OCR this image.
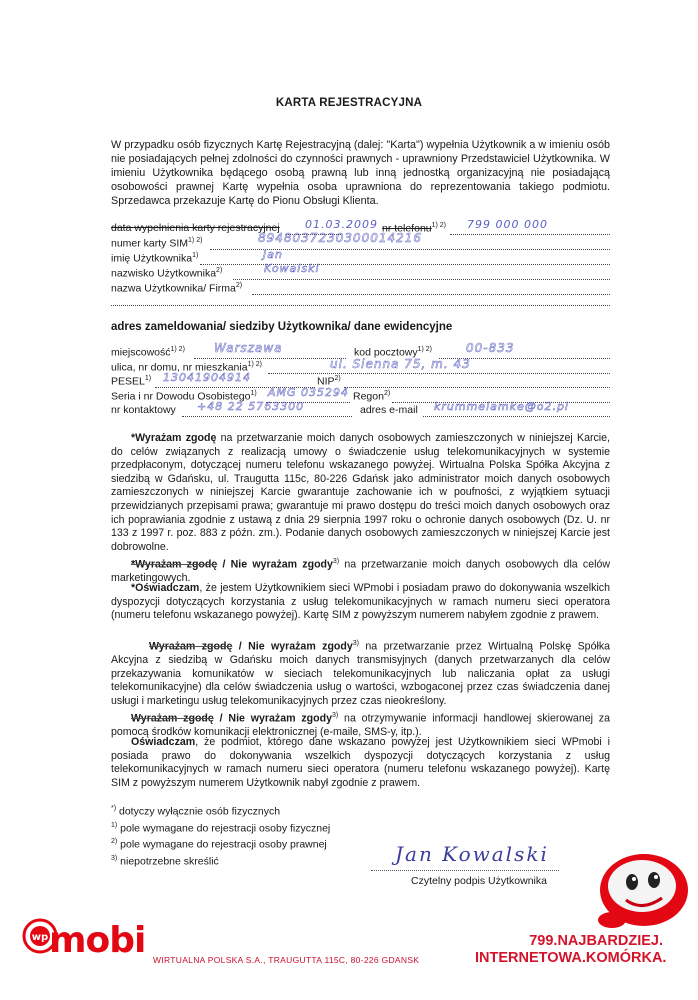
KARTA REJESTRACYJNA
W przypadku osób fizycznych Kartę Rejestracyjną (dalej: "Karta") wypełnia Użytkownik a w imieniu osób nie posiadających pełnej zdolności do czynności prawnych - uprawniony Przedstawiciel Użytkownika. W imieniu Użytkownika będącego osobą prawną lub inną jednostką organizacyjną nie posiadającą osobowości prawnej Kartę wypełnia osoba uprawniona do reprezentowania takiego podmiotu. Sprzedawca przekazuje Kartę do Pionu Obsługi Klienta.
data wypełnienia karty rejestracyjnej 01.03.2009 nr telefonu$^{1) 2)}$ 799 000 000
numer karty $SIM^{1) 2)}$	8948037230300014216
imię Użytkownika$^{1)}$	Jan
nazwisko Użytkownika$^{2)}$	Kowalski
nazwa Użytkownika/ Firma$^{2)}$
adres zameldowania/ siedziby Użytkownika/ dane ewidencyjne
miejscowość$^{1) 2)}$ Warszawa	kod pocztowy$^{1) 2)}$	00-833
ulica, nr domu, nr mieszkania$^{1) 2)}$	ul. Sienna 75, m. 43
PESEL$^{1)}$ 13041904914	NIP$^{2)}$
Seria i nr Dowodu Osobistego$^{1)}$ AMG 035294 Regon$^{2)}$
nr kontaktowy +48 22 5763300	adres e-mail krummelamke@o2.pl
*Wyrażam zgodę na przetwarzanie moich danych osobowych zamieszczonych w niniejszej Karcie, do celów związanych z realizacją umowy o świadczenie usług telekomunikacyjnych w systemie przedpłaconym, dotyczącej numeru telefonu wskazanego powyżej. Wirtualna Polska Spółka Akcyjna z siedzibą w Gdańsku, ul. Traugutta 115c, 80-226 Gdańsk jako administrator moich danych osobowych zamieszczonych w niniejszej Karcie gwarantuje zachowanie ich w poufności, z wyjątkiem sytuacji przewidzianych przepisami prawa; gwarantuje mi prawo dostępu do treści moich danych osobowych oraz ich poprawiania zgodnie z ustawą z dnia 29 sierpnia 1997 roku o ochronie danych osobowych (Dz. U. nr 133 z 1997 r. poz. 883 z późn. zm.). Podanie danych osobowych zamieszczonych w niniejszej Karcie jest dobrowolne.
*Wyrażam zgodę / Nie wyrażam zgody$^{3)}$ na przetwarzanie moich danych osobowych dla celów marketingowych.
*Oświadczam, że jestem Użytkownikiem sieci WPmobi i posiadam prawo do dokonywania wszelkich dyspozycji dotyczących korzystania z usług telekomunikacyjnych w ramach numeru sieci operatora (numeru telefonu wskazanego powyżej). Kartę SIM z powyższym numerem nabyłem zgodnie z prawem.
Wyrażam zgodę / Nie wyrażam zgody$^{3)}$ na przetwarzanie przez Wirtualną Polskę Spółka Akcyjna z siedzibą w Gdańsku moich danych transmisyjnych (danych przetwarzanych dla celów przekazywania komunikatów w sieciach telekomunikacyjnych lub naliczania opłat za usługi telekomunikacyjne) dla celów świadczenia usług o wartości, wzbogaconej przez czas świadczenia danej usługi i marketingu usług telekomunikacyjnych przez czas nieokreślony.
Wyrażam zgodę / Nie wyrażam zgody$^{3)}$ na otrzymywanie informacji handlowej skierowanej za pomocą środków komunikacji elektronicznej (e-maile, SMS-y, itp.).
Oświadczam, że podmiot, którego dane wskazano powyżej jest Użytkownikiem sieci WPmobi i posiada prawo do dokonywania wszelkich dyspozycji dotyczących korzystania z usług telekomunikacyjnych w ramach numeru sieci operatora (numeru telefonu wskazanego powyżej). Kartę SIM z powyższym numerem Użytkownik nabył zgodnie z prawem.
*) dotyczy wyłącznie osób fizycznych
$^{1)}$ pole wymagane do rejestracji osoby fizycznej
$^{2)}$ pole wymagane do rejestracji osoby prawnej
$^{3)}$ niepotrzebne skreślić	Jan Kowalski
Czytelny podpis Użytkownika
wp mobi WIRTUALNA POLSKA S.A., TRAUGUTTA 115C, 80-226 GDANSK
799.NAJBARDZIEJ.
INTERNETOWA.KOMÓRKA.
